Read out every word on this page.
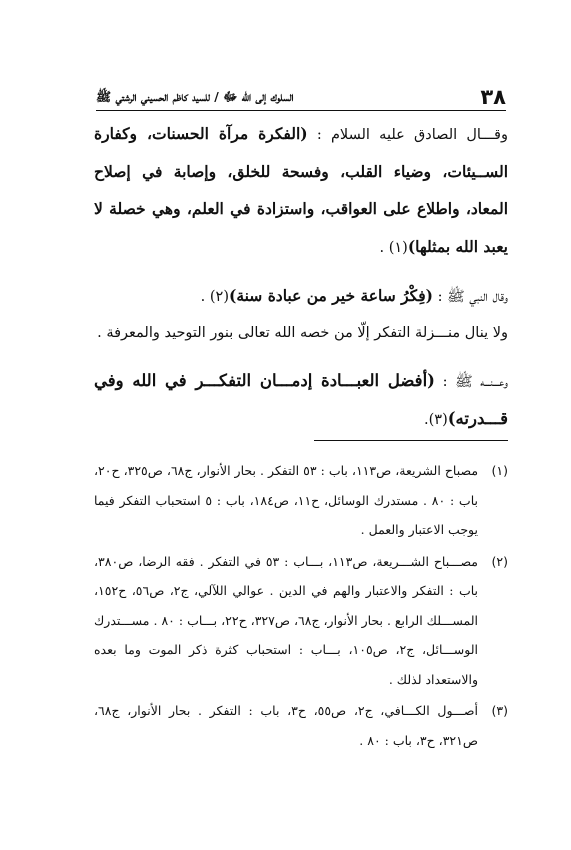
٣٨
السلوك إلى الله ﷻ / للسيد كاظم الحسيني الرشتي ﷺ

وقـــال الصادق عليه السلام : (الفكرة مرآة الحسنات، وكفارة الســيئات، وضياء القلب، وفسحة للخلق، وإصابة في إصلاح المعاد، واطلاع على العواقب، واستزادة في العلم، وهي خصلة لا يعبد الله بمثلها)(١) .

وقال النبي ﷺ : (فِكْرُ ساعة خير من عبادة سنة)(٢) .

ولا ينال منـــزلة التفكر إلّا من خصه الله تعالى بنور التوحيد والمعرفة .

وعـــنـــه ﷺ : (أفضل العبـــادة إدمـــان التفكـــر في الله وفي قـــدرته)(٣).

(١)
مصباح الشريعة، ص١١٣، باب : ٥٣ التفكر . بحار الأنوار، ج٦٨، ص٣٢٥، ح٢٠، باب : ٨٠ . مستدرك الوسائل، ح١١، ص١٨٤، باب : ٥ استحباب التفكر فيما يوجب الاعتبار والعمل .

(٢)
مصـــباح الشـــريعة، ص١١٣، بـــاب : ٥٣ في التفكر . فقه الرضا، ص٣٨٠، باب : التفكر والاعتبار والهم في الدين . عوالي اللآلي، ج٢، ص٥٦، ح١٥٢، المســـلك الرابع . بحار الأنوار، ج٦٨، ص٣٢٧، ح٢٢، بـــاب : ٨٠ . مســـتدرك الوســـائل، ج٢، ص١٠٥، بـــاب : استحباب كثرة ذكر الموت وما بعده والاستعداد لذلك .

(٣)
أصـــول الكـــافي، ج٢، ص٥٥، ح٣، باب : التفكر . بحار الأنوار، ج٦٨، ص٣٢١، ح٣، باب : ٨٠ .
